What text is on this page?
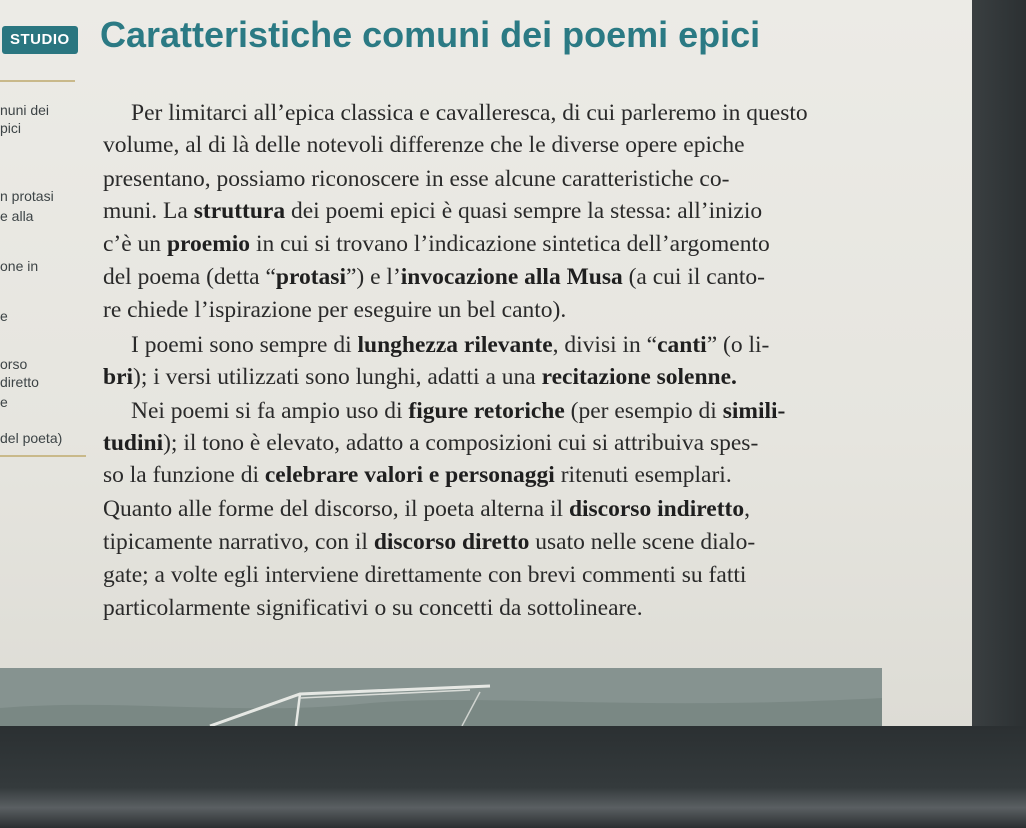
STUDIO Caratteristiche comuni dei poemi epici
nuni dei
pici
n protasi
e alla
one in
e
orso
diretto
e
del poeta)
Per limitarci all’epica classica e cavalleresca, di cui parleremo in questo
volume, al di là delle notevoli differenze che le diverse opere epiche
presentano, possiamo riconoscere in esse alcune caratteristiche co-
muni. La struttura dei poemi epici è quasi sempre la stessa: all’inizio
c’è un proemio in cui si trovano l’indicazione sintetica dell’argomento
del poema (detta “protasi”) e l’invocazione alla Musa (a cui il canto-
re chiede l’ispirazione per eseguire un bel canto).
I poemi sono sempre di lunghezza rilevante, divisi in “canti” (o li-
bri); i versi utilizzati sono lunghi, adatti a una recitazione solenne.
Nei poemi si fa ampio uso di figure retoriche (per esempio di simili-
tudini); il tono è elevato, adatto a composizioni cui si attribuiva spes-
so la funzione di celebrare valori e personaggi ritenuti esemplari.
Quanto alle forme del discorso, il poeta alterna il discorso indiretto,
tipicamente narrativo, con il discorso diretto usato nelle scene dialo-
gate; a volte egli interviene direttamente con brevi commenti su fatti
particolarmente significativi o su concetti da sottolineare.
